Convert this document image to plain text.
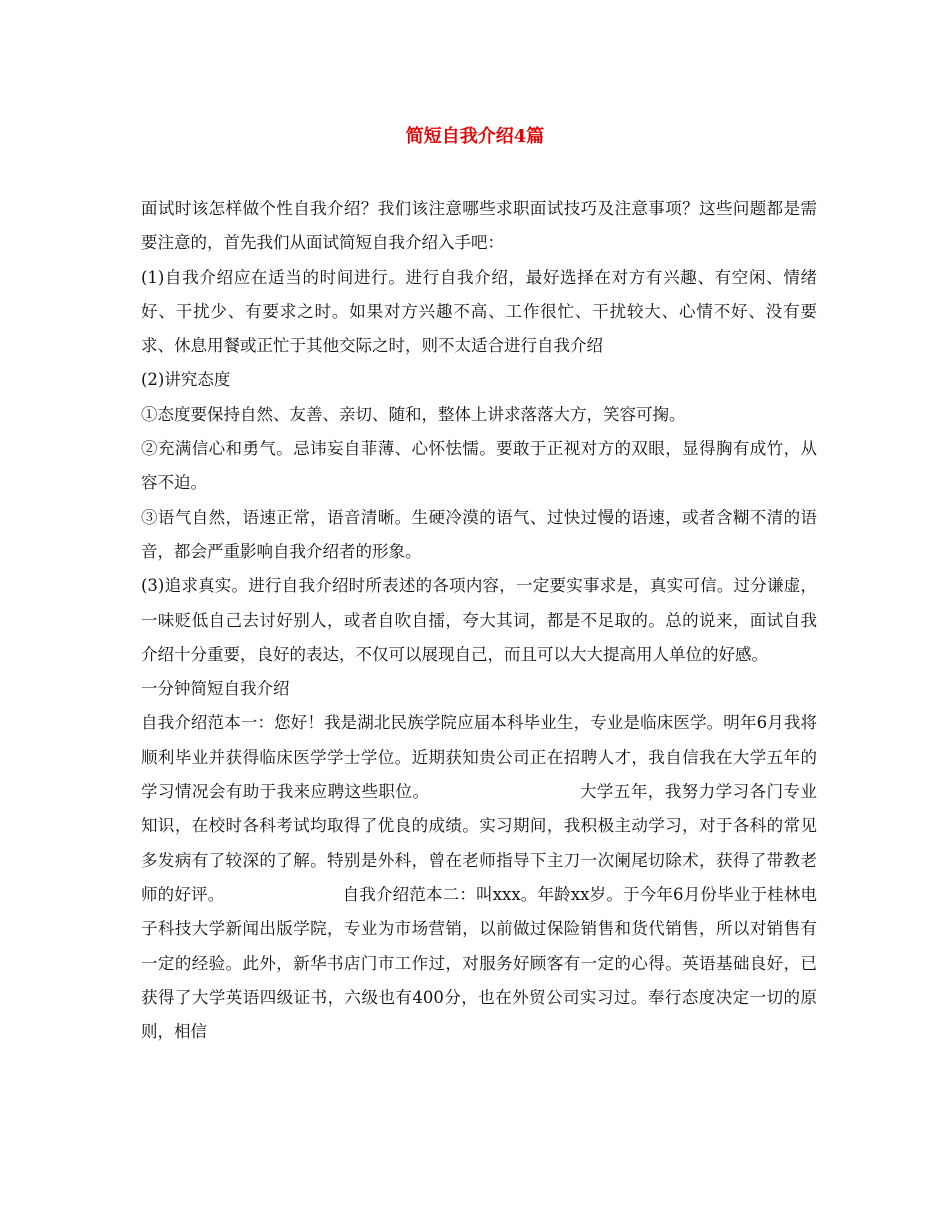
简短自我介绍4篇

面试时该怎样做个性自我介绍？我们该注意哪些求职面试技巧及注意事项？这些问题都是需要注意的，首先我们从面试简短自我介绍入手吧：

(1)自我介绍应在适当的时间进行。进行自我介绍，最好选择在对方有兴趣、有空闲、情绪好、干扰少、有要求之时。如果对方兴趣不高、工作很忙、干扰较大、心情不好、没有要求、休息用餐或正忙于其他交际之时，则不太适合进行自我介绍

(2)讲究态度

①态度要保持自然、友善、亲切、随和，整体上讲求落落大方，笑容可掬。

②充满信心和勇气。忌讳妄自菲薄、心怀怯懦。要敢于正视对方的双眼，显得胸有成竹，从容不迫。

③语气自然，语速正常，语音清晰。生硬冷漠的语气、过快过慢的语速，或者含糊不清的语音，都会严重影响自我介绍者的形象。

(3)追求真实。进行自我介绍时所表述的各项内容，一定要实事求是，真实可信。过分谦虚，一味贬低自己去讨好别人，或者自吹自擂，夸大其词，都是不足取的。总的说来，面试自我介绍十分重要，良好的表达，不仅可以展现自己，而且可以大大提高用人单位的好感。

一分钟简短自我介绍

自我介绍范本一：您好！我是湖北民族学院应届本科毕业生，专业是临床医学。明年6月我将顺利毕业并获得临床医学学士学位。近期获知贵公司正在招聘人才，我自信我在大学五年的学习情况会有助于我来应聘这些职位。	大学五年，我努力学习各门专业知识，在校时各科考试均取得了优良的成绩。实习期间，我积极主动学习，对于各科的常见多发病有了较深的了解。特别是外科，曾在老师指导下主刀一次阑尾切除术，获得了带教老师的好评。	自我介绍范本二：叫xxx。年龄xx岁。于今年6月份毕业于桂林电子科技大学新闻出版学院，专业为市场营销，以前做过保险销售和货代销售，所以对销售有一定的经验。此外，新华书店门市工作过，对服务好顾客有一定的心得。英语基础良好，已获得了大学英语四级证书，六级也有400分，也在外贸公司实习过。奉行态度决定一切的原则，相信
